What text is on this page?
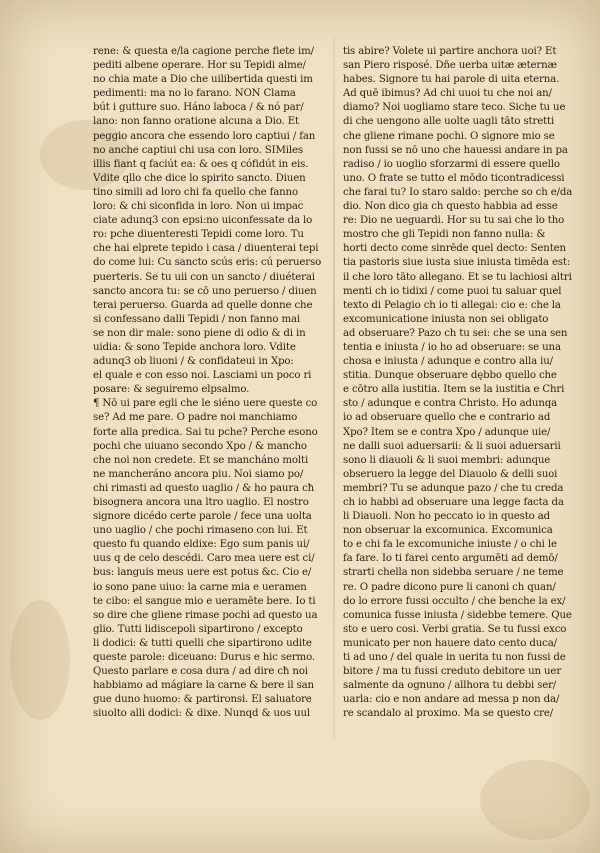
rene: & questa e/la cagione perche fiete im/
pediti albene operare. Hor su Tepidi alme/
no chia mate a Dio che uilibertida questi im
pedimenti: ma no lo farano. NON Clama
bút i gutture suo. Háno laboca / & nó par/
lano: non fanno oratione alcuna a Dio. Et
peggio ancora che essendo loro captiui / fan
no anche captiui chi usa con loro. SIMiles
illis fiant q faciút ea: & oes q cófidút in eis.
Vdite qllo che dice lo spirito sancto. Diuen
tino simili ad loro chi fa quello che fanno
loro: & chi siconfida in loro. Non ui impac
ciate adunq3 con epsi:no uiconfessate da lo
ro: pche diuenteresti Tepidi come loro. Tu
che hai elprete tepido i casa / diuenterai tepi
do come lui: Cu sancto scús eris: cú peruerso
puerteris. Se tu uii con un sancto / diuéterai
sancto ancora tu: se cō uno peruerso / diuen
terai peruerso. Guarda ad quelle donne che
si confessano dalli Tepidi / non fanno mai
se non dir male: sono piene di odio & di in
uidia: & sono Tepide anchora loro. Vdite
adunq3 ob liuoni / & confidateui in Xpo:
el quale e con esso noi. Lasciami un poco ri
posare: & seguiremo elpsalmo.
¶ Nō ui pare egli che le siéno uere queste co
se? Ad me pare. O padre noi manchiamo
forte alla predica. Sai tu pche? Perche esono
pochi che uiuano secondo Xpo / & mancho
che noi non credete. Et se mancháno molti
ne mancheráno ancora piu. Noi siamo po/
chi rimasti ad questo uaglio / & ho paura cħ
bisognera ancora una ltro uaglio. El nostro
signore dicédo certe parole / fece una uolta
uno uaglio / che pochi rimaseno con lui. Et
questo fu quando eldixe: Ego sum panis ui/
uus q de celo descédi. Caro mea uere est ci/
bus: languis meus uere est potus &c. Cio e/
io sono pane uiuo: la carne mia e ueramen
te cibo: el sangue mio e ueramēte bere. Io ti
so dire che gliene rimase pochi ad questo ua
glio. Tutti lidiscepoli sipartirono / excepto
li dodici: & tutti quelli che sipartirono udite
queste parole: diceuano: Durus e hic sermo.
Questo parlare e cosa dura / ad dire cħ noi
habbiamo ad mágiare la carne & bere il san
gue duno huomo: & partironsi. El saluatore
siuolto alli dodici: & dixe. Nunqd & uos uul
tis abire? Volete ui partire anchora uoi? Et
san Piero risposé. Dñe uerba uitæ æternæ
habes. Signore tu hai parole di uita eterna.
Ad quē ibimus? Ad chi uuoi tu che noi an/
diamo? Noi uogliamo stare teco. Siche tu ue
di che uengono alle uolte uagli tāto stretti
che gliene rimane pochi. O signore mio se
non fussi se nō uno che hauessi andare in pa
radiso / io uoglio sforzarmi di essere quello
uno. O frate se tutto el mōdo ticontradicessi
che farai tu? Io staro saldo: perche so ch e/da
dio. Non dico gia ch questo habbia ad esse
re: Dio ne ueguardi. Hor su tu sai che lo tho
mostro che gli Tepidi non fanno nulla: &
horti decto come sinrēde quel decto: Senten
tia pastoris siue iusta siue iniusta timēda est:
il che loro tāto allegano. Et se tu lachiosi altri
menti ch io tidixi / come puoi tu saluar quel
texto di Pelagio ch io ti allegai: cio e: che la
excomunicatione iniusta non sei obligato
ad obseruare? Pazo ch tu sei: che se una sen
tentia e iniusta / io ho ad obseruare: se una
chosa e iniusta / adunque e contro alla iu/
stitia. Dunque obseruare dębbo quello che
e cōtro alla iustitia. Item se la iustitia e Chri
sto / adunque e contra Christo. Ho adunqa
io ad obseruare quello che e contrario ad
Xpo? Item se e contra Xpo / adunque uie/
ne dalli suoi aduersarii: & li suoi aduersarii
sono li diauoli & li suoi membri: adunque
obseruero la legge del Diauolo & delli suoi
membri? Tu se adunque pazo / che tu creda
ch io habbi ad obseruare una legge facta da
li Diauoli. Non ho peccato io in questo ad
non obseruar la excomunica. Excomunica
to e chi fa le excomuniche iniuste / o chi le
fa fare. Io ti farei cento argumēti ad demō/
strarti chella non sidebba seruare / ne teme
re. O padre dicono pure li canoni ch quan/
do lo errore fussi occulto / che benche la ex/
comunica fusse iniusta / sidebbe temere. Que
sto e uero cosi. Verbi gratia. Se tu fussi exco
municato per non hauere dato cento duca/
ti ad uno / del quale in uerita tu non fussi de
bitore / ma tu fussi creduto debitore un uer
salmente da ognuno / allhora tu debbi ser/
uarla: cio e non andare ad messa p non da/
re scandalo al proximo. Ma se questo cre/
